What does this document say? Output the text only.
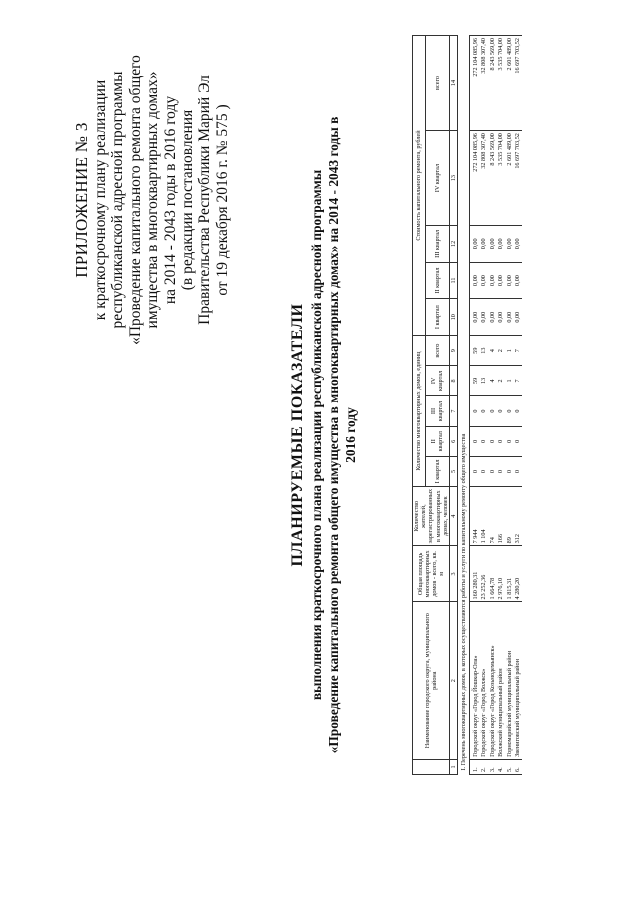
ПРИЛОЖЕНИЕ № 3 к краткосрочному плану реализации республиканской адресной программы «Проведение капитального ремонта общего имущества в многоквартирных домах» на 2014 - 2043 годы в 2016 году (в редакции постановления Правительства Республики Марий Эл от 19 декабря 2016 г. № 575 )
ПЛАНИРУЕМЫЕ ПОКАЗАТЕЛИ выполнения краткосрочного плана реализации республиканской адресной программы «Проведение капитального ремонта общего имущества в многоквартирных домах» на 2014 - 2043 годы в 2016 году
	Наименование городского округа, муниципального района	Общая площадь многоквартирных домов - всего, кв. м	Количество жителей, зарегистрированных в многоквартирных домах, человек	Количество многоквартирных домов, единиц					Стоимость капитального ремонта, рублей				
				I квартал	II квартал	III квартал	IV квартал	всего	I квартал	II квартал	III квартал	IV квартал	всего
1	2	3	4	5	6	7	8	9	10	11	12	13	14
I. Перечень многоквартирных домов, в которых осуществляются работы и услуги по капитальному ремонту общего имущества													
1.	Городской округ «Город Йошкар-Ола»	160 280,31	7 944	0	0	0	59	59	0,00	0,00	0,00	272 104 085,96	272 104 085,96
2.	Городской округ «Город Волжск»	23 252,36	1 104	0	0	0	13	13	0,00	0,00	0,00	32 808 307,40	32 808 307,40
3.	Городской округ «Город Козьмодемьянск»	1 664,78	74	0	0	0	4	4	0,00	0,00	0,00	8 243 569,00	8 243 569,00
4.	Волжский муниципальный район	2 976,10	166	0	0	0	2	2	0,00	0,00	0,00	3 535 704,00	3 535 704,00
5.	Горномарийский муниципальный район	1 815,31	89	0	0	0	1	1	0,00	0,00	0,00	2 601 489,00	2 601 489,00
6.	Звениговский муниципальный район	4 280,20	312	0	0	0	7	7	0,00	0,00	0,00	16 697 703,52	16 697 703,52
